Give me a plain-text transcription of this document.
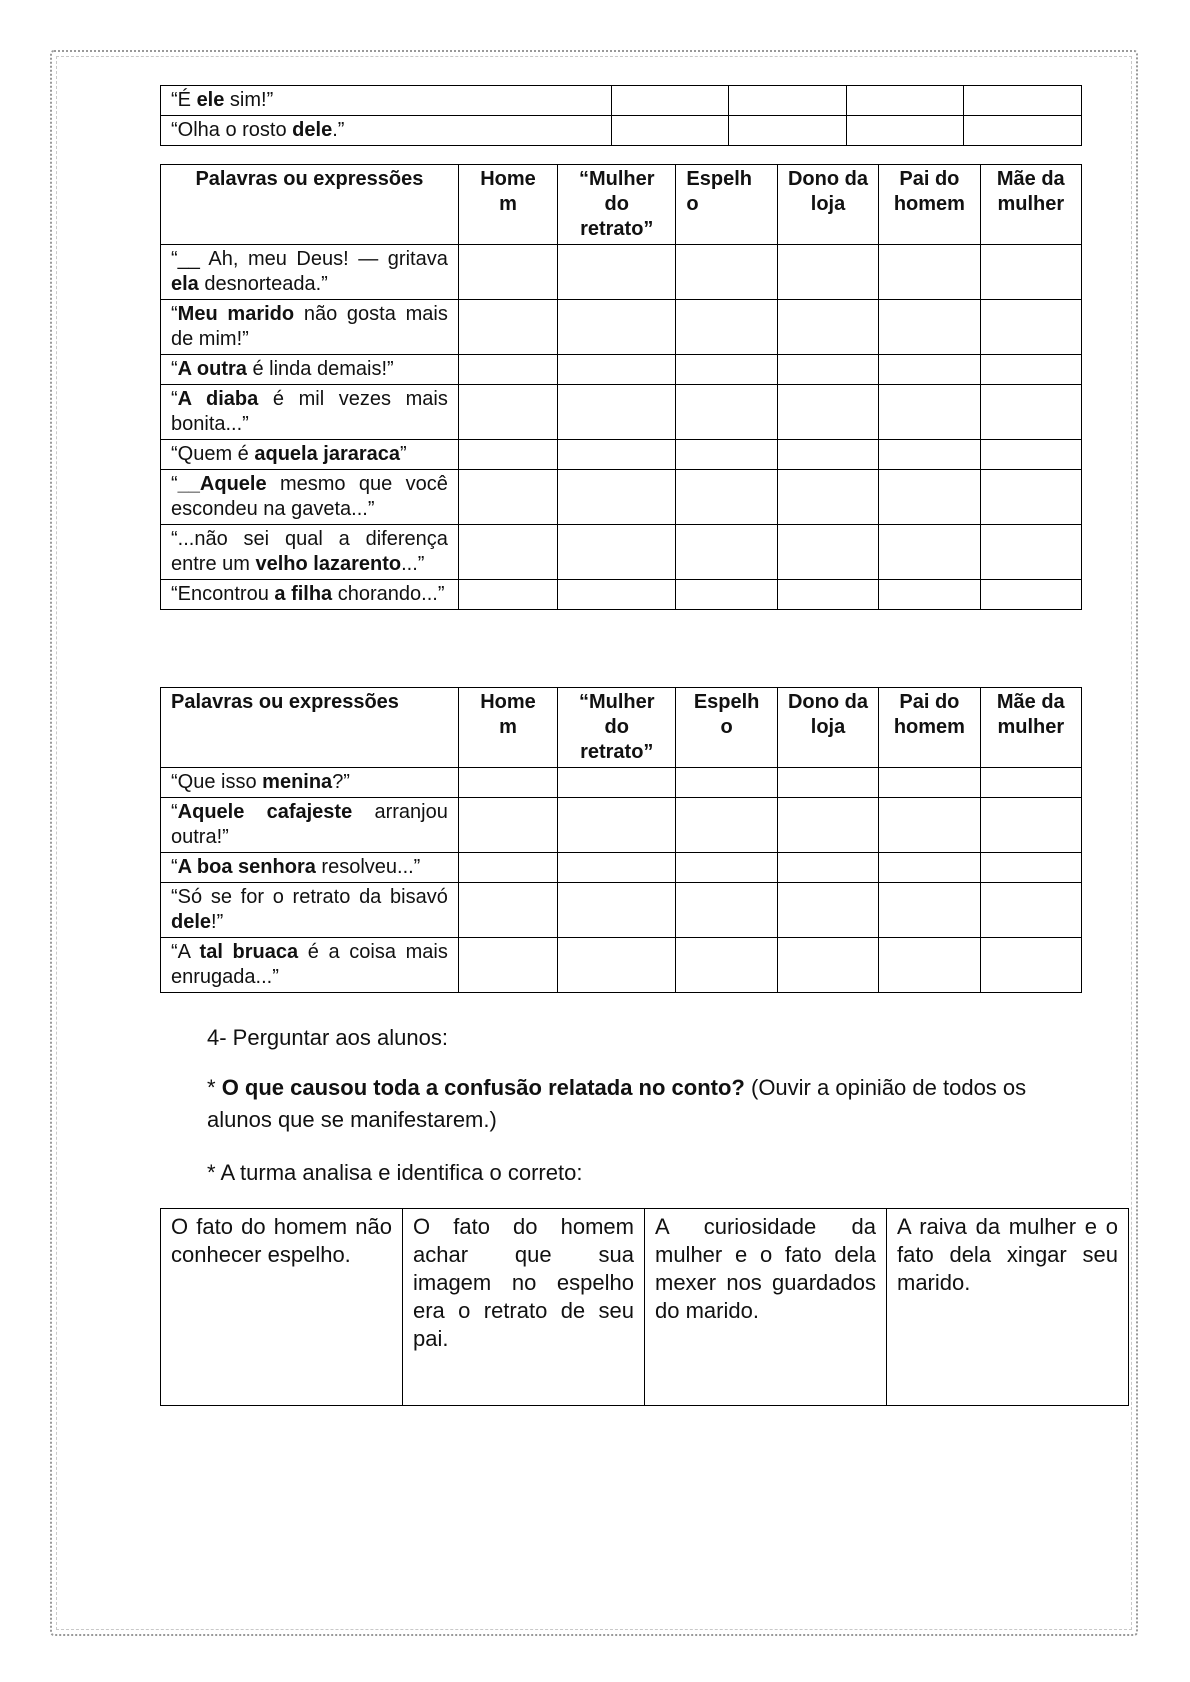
“É ele sim!”				
“Olha o rosto dele.”				
Palavras ou expressões	Home m	“Mulher do retrato”	Espelh o	Dono da loja	Pai do homem	Mãe da mulher
“__ Ah, meu Deus! — gritava ela desnorteada.”						
“Meu marido não gosta mais de mim!”						
“A outra é linda demais!”						
“A diaba é mil vezes mais bonita...”						
“Quem é aquela jararaca”						
“__Aquele mesmo que você escondeu na gaveta...”						
“...não sei qual a diferença entre um velho lazarento...”						
“Encontrou a filha chorando...”						
Palavras ou expressões	Home m	“Mulher do retrato”	Espelh o	Dono da loja	Pai do homem	Mãe da mulher
“Que isso menina?”						
“Aquele cafajeste arranjou outra!”						
“A boa senhora resolveu...”						
“Só se for o retrato da bisavó dele!”						
“A tal bruaca é a coisa mais enrugada...”						
4- Perguntar aos alunos:
* O que causou toda a confusão relatada no conto? (Ouvir a opinião de todos os alunos que se manifestarem.)
* A turma analisa e identifica o correto:
O fato do homem não conhecer espelho.	O fato do homem achar que sua imagem no espelho era o retrato de seu pai.	A curiosidade da mulher e o fato dela mexer nos guardados do marido.	A raiva da mulher e o fato dela xingar seu marido.
